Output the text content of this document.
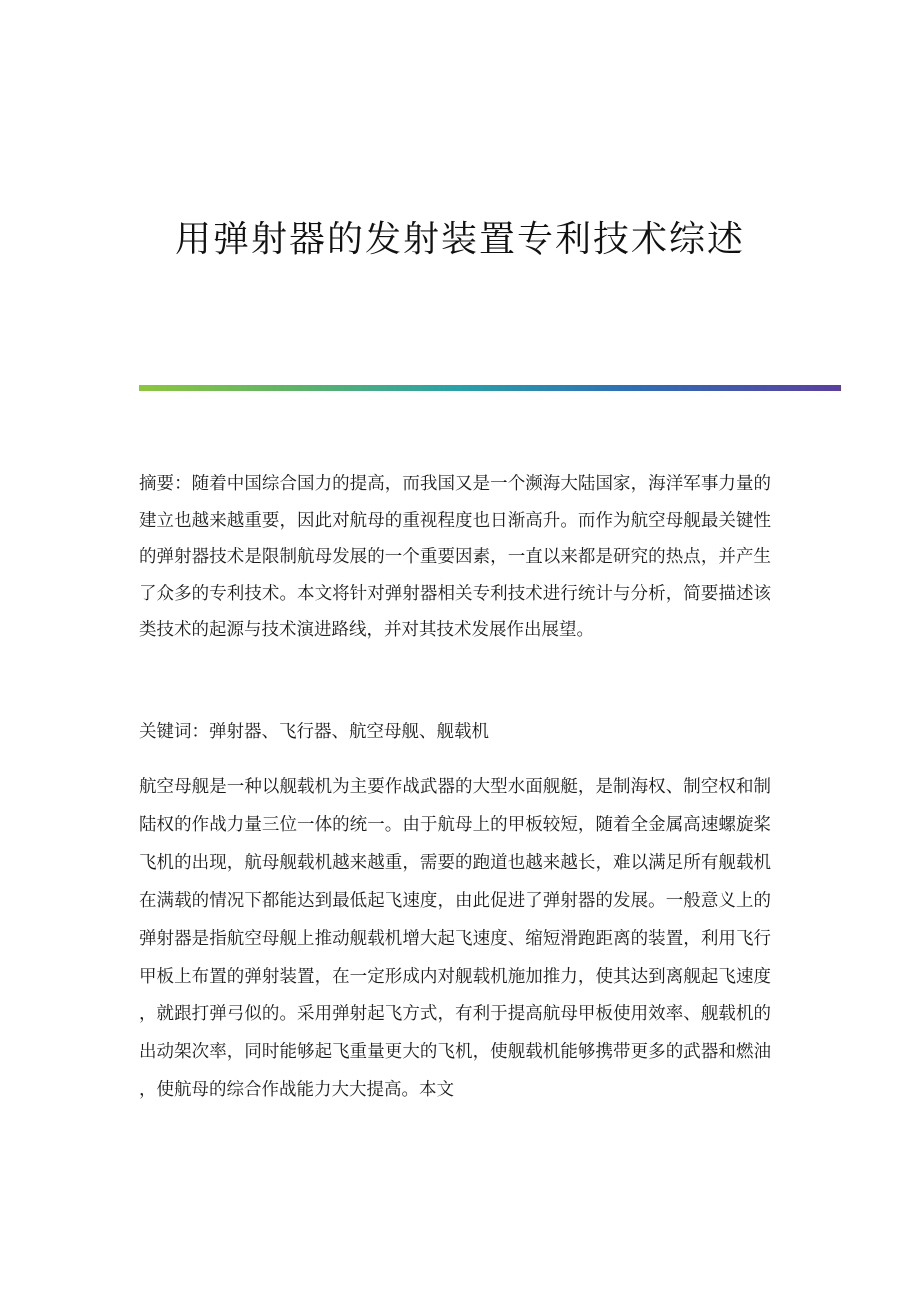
用弹射器的发射装置专利技术综述
摘要：随着中国综合国力的提高，而我国又是一个濒海大陆国家，海洋军事力量的建立也越来越重要，因此对航母的重视程度也日渐高升。而作为航空母舰最关键性的弹射器技术是限制航母发展的一个重要因素，一直以来都是研究的热点，并产生了众多的专利技术。本文将针对弹射器相关专利技术进行统计与分析，简要描述该类技术的起源与技术演进路线，并对其技术发展作出展望。
关键词：弹射器、飞行器、航空母舰、舰载机
航空母舰是一种以舰载机为主要作战武器的大型水面舰艇，是制海权、制空权和制陆权的作战力量三位一体的统一。由于航母上的甲板较短，随着全金属高速螺旋桨飞机的出现，航母舰载机越来越重，需要的跑道也越来越长，难以满足所有舰载机在满载的情况下都能达到最低起飞速度，由此促进了弹射器的发展。一般意义上的弹射器是指航空母舰上推动舰载机增大起飞速度、缩短滑跑距离的装置，利用飞行甲板上布置的弹射装置，在一定形成内对舰载机施加推力，使其达到离舰起飞速度，就跟打弹弓似的。采用弹射起飞方式，有利于提高航母甲板使用效率、舰载机的出动架次率，同时能够起飞重量更大的飞机，使舰载机能够携带更多的武器和燃油，使航母的综合作战能力大大提高。本文
